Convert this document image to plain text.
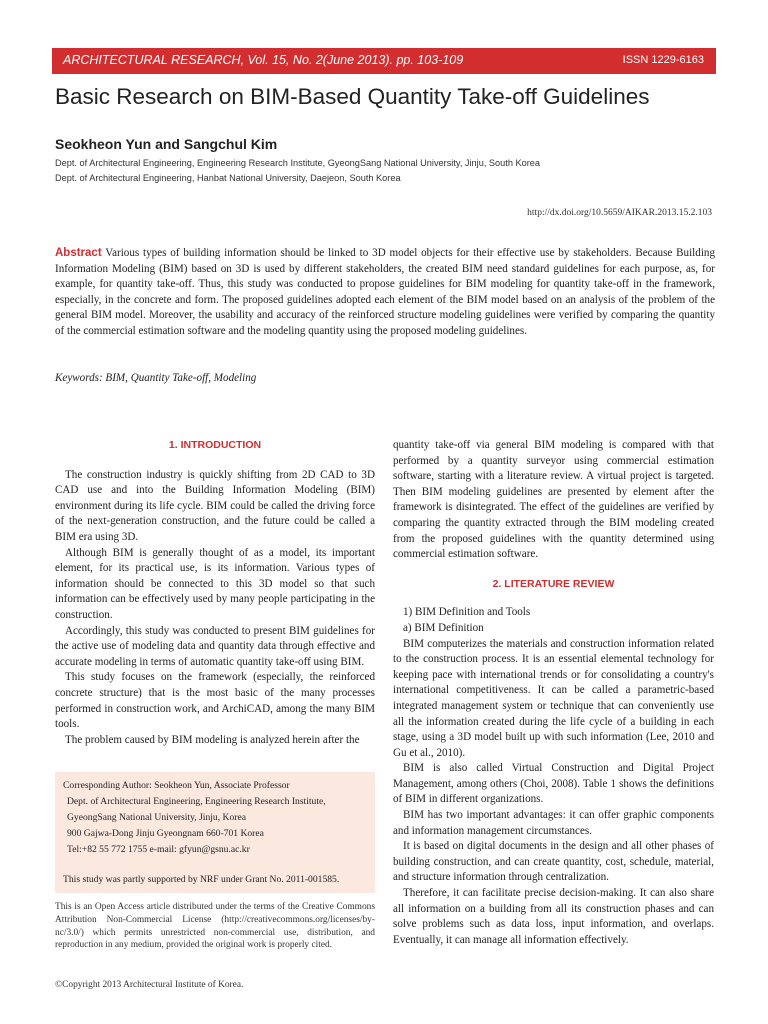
ARCHITECTURAL RESEARCH, Vol. 15, No. 2(June 2013). pp. 103-109	ISSN 1229-6163
Basic Research on BIM-Based Quantity Take-off Guidelines

Seokheon Yun and Sangchul Kim

Dept. of Architectural Engineering, Engineering Research Institute, GyeongSang National University, Jinju, South Korea
Dept. of Architectural Engineering, Hanbat National University, Daejeon, South Korea
http://dx.doi.org/10.5659/AIKAR.2013.15.2.103

Abstract Various types of building information should be linked to 3D model objects for their effective use by stakeholders. Because Building Information Modeling (BIM) based on 3D is used by different stakeholders, the created BIM need standard guidelines for each purpose, as, for example, for quantity take-off. Thus, this study was conducted to propose guidelines for BIM modeling for quantity take-off in the framework, especially, in the concrete and form. The proposed guidelines adopted each element of the BIM model based on an analysis of the problem of the general BIM model. Moreover, the usability and accuracy of the reinforced structure modeling guidelines were verified by comparing the quantity of the commercial estimation software and the modeling quantity using the proposed modeling guidelines.

Keywords: BIM, Quantity Take-off, Modeling

1. INTRODUCTION

The construction industry is quickly shifting from 2D CAD to 3D CAD use and into the Building Information Modeling (BIM) environment during its life cycle. BIM could be called the driving force of the next-generation construction, and the future could be called a BIM era using 3D.

Although BIM is generally thought of as a model, its important element, for its practical use, is its information. Various types of information should be connected to this 3D model so that such information can be effectively used by many people participating in the construction.

Accordingly, this study was conducted to present BIM guidelines for the active use of modeling data and quantity data through effective and accurate modeling in terms of automatic quantity take-off using BIM.

This study focuses on the framework (especially, the reinforced concrete structure) that is the most basic of the many processes performed in construction work, and ArchiCAD, among the many BIM tools.

The problem caused by BIM modeling is analyzed herein after the

Corresponding Author: Seokheon Yun, Associate Professor
Dept. of Architectural Engineering, Engineering Research Institute,
GyeongSang National University, Jinju, Korea
900 Gajwa-Dong Jinju Gyeongnam 660-701 Korea
Tel:+82 55 772 1755 e-mail: gfyun@gsnu.ac.kr
This study was partly supported by NRF under Grant No. 2011-001585.
This is an Open Access article distributed under the terms of the Creative Commons Attribution Non-Commercial License (http://creativecommons.org/licenses/by-nc/3.0/) which permits unrestricted non-commercial use, distribution, and reproduction in any medium, provided the original work is properly cited.
©Copyright 2013 Architectural Institute of Korea.

quantity take-off via general BIM modeling is compared with that performed by a quantity surveyor using commercial estimation software, starting with a literature review. A virtual project is targeted. Then BIM modeling guidelines are presented by element after the framework is disintegrated. The effect of the guidelines are verified by comparing the quantity extracted through the BIM modeling created from the proposed guidelines with the quantity determined using commercial estimation software.

2. LITERATURE REVIEW

1) BIM Definition and Tools

a) BIM Definition

BIM computerizes the materials and construction information related to the construction process. It is an essential elemental technology for keeping pace with international trends or for consolidating a country's international competitiveness. It can be called a parametric-based integrated management system or technique that can conveniently use all the information created during the life cycle of a building in each stage, using a 3D model built up with such information (Lee, 2010 and Gu et al., 2010).

BIM is also called Virtual Construction and Digital Project Management, among others (Choi, 2008). Table 1 shows the definitions of BIM in different organizations.

BIM has two important advantages: it can offer graphic components and information management circumstances.

It is based on digital documents in the design and all other phases of building construction, and can create quantity, cost, schedule, material, and structure information through centralization.

Therefore, it can facilitate precise decision-making. It can also share all information on a building from all its construction phases and can solve problems such as data loss, input information, and overlaps. Eventually, it can manage all information effectively.
